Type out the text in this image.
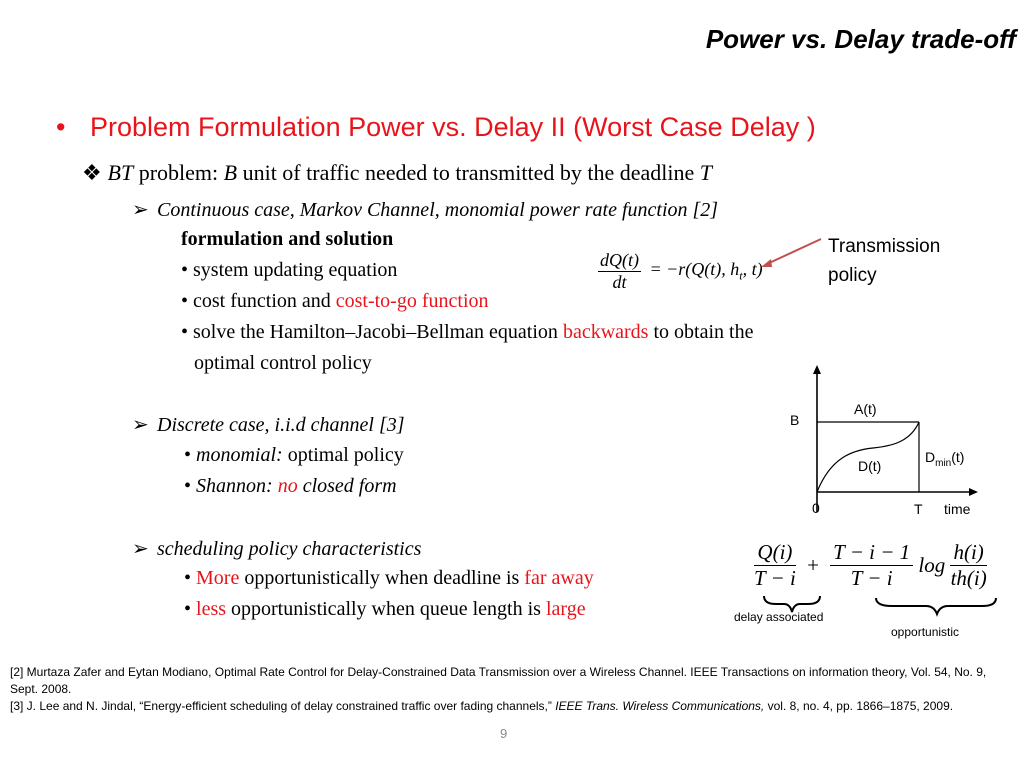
Power vs. Delay trade-off
• Problem Formulation Power vs. Delay II (Worst Case Delay )
❖ BT problem: B unit of traffic needed to transmitted by the deadline T
➢ Continuous case, Markov Channel, monomial power rate function [2]
formulation and solution
• system updating equation
• cost function and cost-to-go function
• solve the Hamilton–Jacobi–Bellman equation backwards to obtain the
optimal control policy
$\frac{dQ(t)}{dt} = -r(Q(t)$, $h_t$, t)
Transmission
policy
➢ Discrete case, i.i.d channel [3]
• monomial: optimal policy
• Shannon: no closed form
B
A(t)
D(t)
$D_{min}(t)$
0	T time
➢ scheduling policy characteristics
• More opportunistically when deadline is far away
• less opportunistically when queue length is large
$\frac{Q(i)}{T - i} + \frac{T - i - 1}{T - i}$ $\log \frac{h(i)}{th(i)}$
delay associated
opportunistic
[2] Murtaza Zafer and Eytan Modiano, Optimal Rate Control for Delay-Constrained Data Transmission over a Wireless Channel. IEEE Transactions on information theory, Vol. 54, No. 9, Sept. 2008.
[3] J. Lee and N. Jindal, “Energy-efficient scheduling of delay constrained traffic over fading channels,” IEEE Trans. Wireless Communications, vol. 8, no. 4, pp. 1866–1875, 2009.
9
